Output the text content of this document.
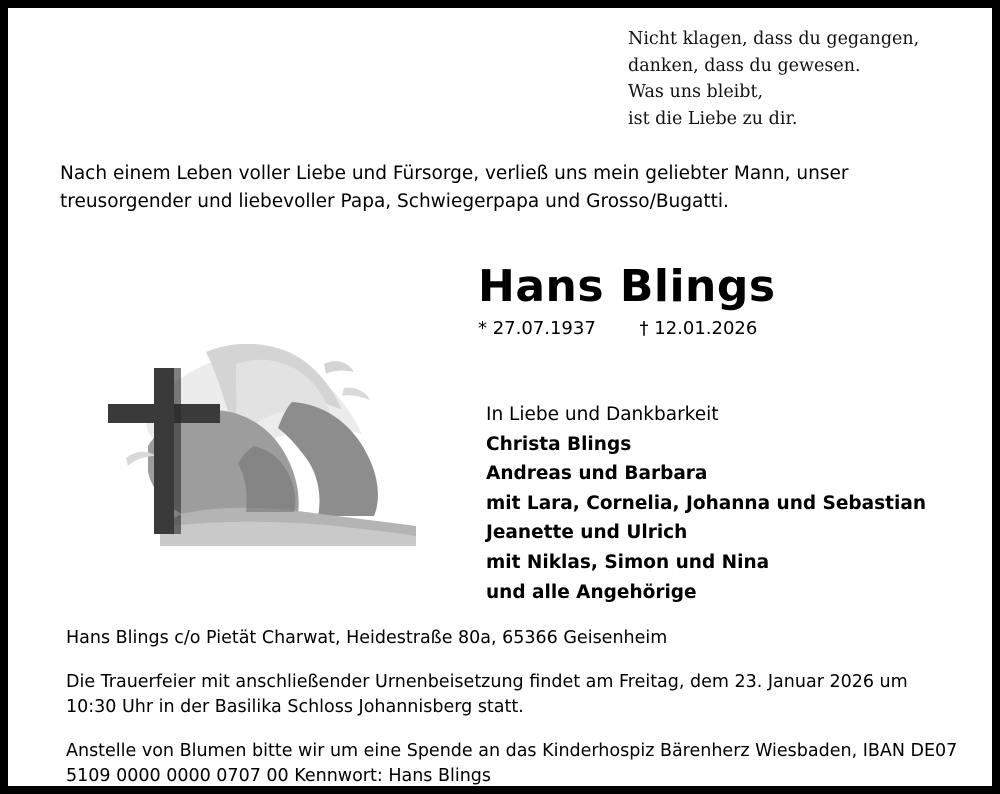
Nicht klagen, dass du gegangen,
danken, dass du gewesen.
Was uns bleibt,
ist die Liebe zu dir.
Nach einem Leben voller Liebe und Fürsorge, verließ uns mein geliebter Mann, unser treusorgender und liebevoller Papa, Schwiegerpapa und Grosso/Bugatti.
Hans Blings
* 27.07.1937 † 12.01.2026
In Liebe und Dankbarkeit
Christa Blings
Andreas und Barbara
mit Lara, Cornelia, Johanna und Sebastian
Jeanette und Ulrich
mit Niklas, Simon und Nina
und alle Angehörige

Hans Blings c/o Pietät Charwat, Heidestraße 80a, 65366 Geisenheim

Die Trauerfeier mit anschließender Urnenbeisetzung findet am Freitag, dem 23. Januar 2026 um 10:30 Uhr in der Basilika Schloss Johannisberg statt.

Anstelle von Blumen bitte wir um eine Spende an das Kinderhospiz Bärenherz Wiesbaden, IBAN DE07 5109 0000 0000 0707 00 Kennwort: Hans Blings
